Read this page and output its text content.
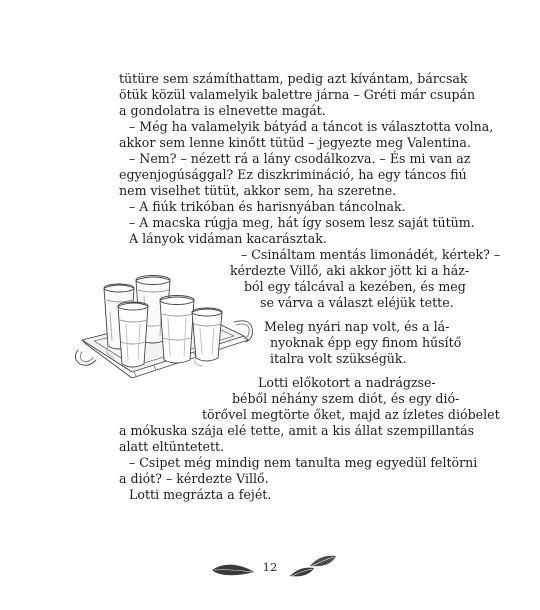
tütüre sem számíthattam, pedig azt kívántam, bárcsak
ötük közül valamelyik balettre járna – Gréti már csupán
a gondolatra is elnevette magát.
– Még ha valamelyik bátyád a táncot is választotta volna,
akkor sem lenne kinőtt tütüd – jegyezte meg Valentina.
– Nem? – nézett rá a lány csodálkozva. – És mi van az
egyenjogúsággal? Ez diszkrimináció, ha egy táncos fiú
nem viselhet tütüt, akkor sem, ha szeretne.
– A fiúk trikóban és harisnyában táncolnak.
– A macska rúgja meg, hát így sosem lesz saját tütüm.
A lányok vidáman kacarásztak.
– Csináltam mentás limonádét, kértek? –
kérdezte Villő, aki akkor jött ki a ház-
ból egy tálcával a kezében, és meg
se várva a választ eléjük tette.
Meleg nyári nap volt, és a lá-
nyoknak épp egy finom hűsítő
italra volt szükségük.
Lotti előkotort a nadrágzse-
béből néhány szem diót, és egy dió-
törővel megtörte őket, majd az ízletes dióbelet
a mókuska szája elé tette, amit a kis állat szempillantás
alatt eltüntetett.
– Csipet még mindig nem tanulta meg egyedül feltörni
a diót? – kérdezte Villő.
Lotti megrázta a fejét.
12
